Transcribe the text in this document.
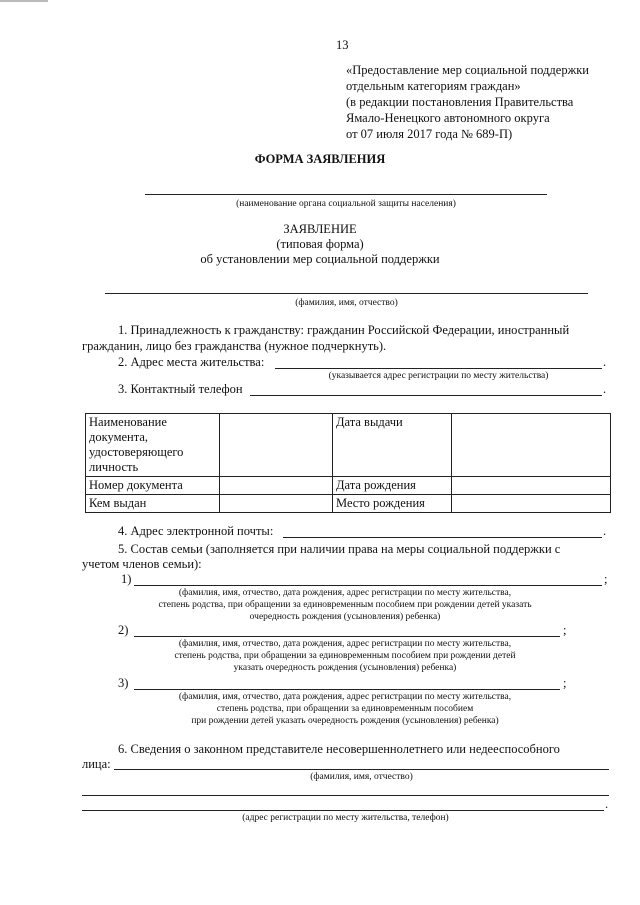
13
«Предоставление мер социальной поддержки
отдельным категориям граждан»
(в редакции постановления Правительства
Ямало-Ненецкого автономного округа
от 07 июля 2017 года № 689-П)
ФОРМА ЗАЯВЛЕНИЯ
(наименование органа социальной защиты населения)
ЗАЯВЛЕНИЕ
(типовая форма)
об установлении мер социальной поддержки
(фамилия, имя, отчество)
1. Принадлежность к гражданству: гражданин Российской Федерации, иностранный
гражданин, лицо без гражданства (нужное подчеркнуть).
2. Адрес места жительства:	.
(указывается адрес регистрации по месту жительства)
3. Контактный телефон	.
Наименование
документа,
удостоверяющего
личность		Дата выдачи	
Номер документа		Дата рождения	
Кем выдан		Место рождения	
4. Адрес электронной почты:	.
5. Состав семьи (заполняется при наличии права на меры социальной поддержки с
учетом членов семьи):
1)	;
(фамилия, имя, отчество, дата рождения, адрес регистрации по месту жительства,
степень родства, при обращении за единовременным пособием при рождении детей указать
очередность рождения (усыновления) ребенка)
2)	;
(фамилия, имя, отчество, дата рождения, адрес регистрации по месту жительства,
степень родства, при обращении за единовременным пособием при рождении детей
указать очередность рождения (усыновления) ребенка)
3)	;
(фамилия, имя, отчество, дата рождения, адрес регистрации по месту жительства,
степень родства, при обращении за единовременным пособием
при рождении детей указать очередность рождения (усыновления) ребенка)
6. Сведения о законном представителе несовершеннолетнего или недееспособного
лица:
(фамилия, имя, отчество)
.
(адрес регистрации по месту жительства, телефон)
